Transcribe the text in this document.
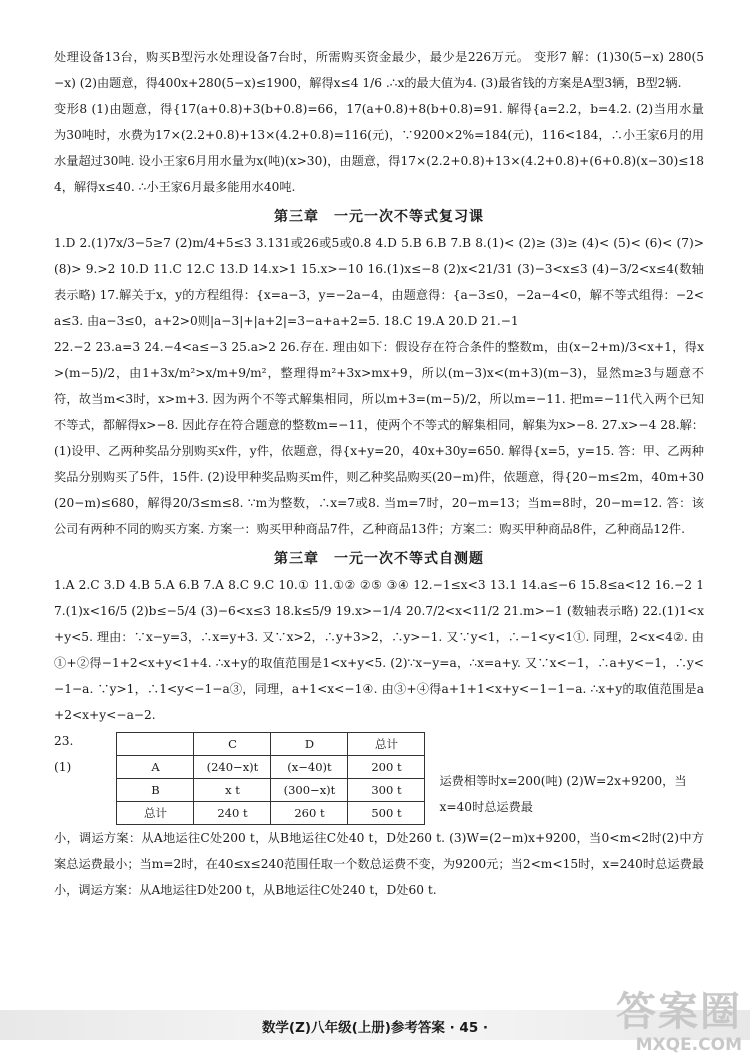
处理设备13台，购买B型污水处理设备7台时，所需购买资金最少，最少是226万元。 变形7 解：(1)30(5−x) 280(5−x) (2)由题意，得400x+280(5−x)≤1900，解得x≤4 1/6 .∴x的最大值为4. (3)最省钱的方案是A型3辆，B型2辆.

变形8 (1)由题意，得{17(a+0.8)+3(b+0.8)=66，17(a+0.8)+8(b+0.8)=91. 解得{a=2.2，b=4.2. (2)当用水量为30吨时，水费为17×(2.2+0.8)+13×(4.2+0.8)=116(元)，∵9200×2%=184(元)，116<184，∴小王家6月的用水量超过30吨. 设小王家6月用水量为x(吨)(x>30)，由题意，得17×(2.2+0.8)+13×(4.2+0.8)+(6+0.8)(x−30)≤184，解得x≤40. ∴小王家6月最多能用水40吨.

第三章　一元一次不等式复习课

1.D 2.(1)7x/3−5≥7 (2)m/4+5≤3 3.131或26或5或0.8 4.D 5.B 6.B 7.B 8.(1)< (2)≥ (3)≥ (4)< (5)< (6)< (7)> (8)> 9.>2 10.D 11.C 12.C 13.D 14.x>1 15.x>−10 16.(1)x≤−8 (2)x<21/31 (3)−3<x≤3 (4)−3/2<x≤4(数轴表示略) 17.解关于x，y的方程组得：{x=a−3，y=−2a−4，由题意得：{a−3≤0，−2a−4<0，解不等式组得：−2<a≤3. 由a−3≤0，a+2>0则|a−3|+|a+2|=3−a+a+2=5. 18.C 19.A 20.D 21.−1

22.−2 23.a=3 24.−4<a≤−3 25.a>2 26.存在. 理由如下：假设存在符合条件的整数m，由(x−2+m)/3<x+1，得x>(m−5)/2，由1+3x/m²>x/m+9/m²，整理得m²+3x>mx+9，所以(m−3)x<(m+3)(m−3)，显然m≥3与题意不符，故当m<3时，x>m+3. 因为两个不等式解集相同，所以m+3=(m−5)/2，所以m=−11. 把m=−11代入两个已知不等式，都解得x>−8. 因此存在符合题意的整数m=−11，使两个不等式的解集相同，解集为x>−8. 27.x>−4 28.解：(1)设甲、乙两种奖品分别购买x件，y件，依题意，得{x+y=20，40x+30y=650. 解得{x=5，y=15. 答：甲、乙两种奖品分别购买了5件，15件. (2)设甲种奖品购买m件，则乙种奖品购买(20−m)件，依题意，得{20−m≤2m，40m+30(20−m)≤680，解得20/3≤m≤8. ∵m为整数，∴x=7或8. 当m=7时，20−m=13；当m=8时，20−m=12. 答：该公司有两种不同的购买方案. 方案一：购买甲种商品7件，乙种商品13件；方案二：购买甲种商品8件，乙种商品12件.

第三章　一元一次不等式自测题

1.A 2.C 3.D 4.B 5.A 6.B 7.A 8.C 9.C 10.① 11.①② ②⑤ ③④ 12.−1≤x<3 13.1 14.a≤−6 15.8≤a<12 16.−2 17.(1)x<16/5 (2)b≤−5/4 (3)−6<x≤3 18.k≤5/9 19.x>−1/4 20.7/2<x<11/2 21.m>−1 (数轴表示略) 22.(1)1<x+y<5. 理由：∵x−y=3，∴x=y+3. 又∵x>2，∴y+3>2，∴y>−1. 又∵y<1，∴−1<y<1①. 同理，2<x<4②. 由①+②得−1+2<x+y<1+4. ∴x+y的取值范围是1<x+y<5. (2)∵x−y=a，∴x=a+y. 又∵x<−1，∴a+y<−1，∴y<−1−a. ∵y>1，∴1<y<−1−a③，同理，a+1<x<−1④. 由③+④得a+1+1<x+y<−1−1−a. ∴x+y的取值范围是a+2<x+y<−a−2.

23.(1)
	C	D	总计
A	(240−x)t	(x−40)t	200 t
B	x t	(300−x)t	300 t
总计	240 t	260 t	500 t
运费相等时x=200(吨) (2)W=2x+9200，当x=40时总运费最

小，调运方案：从A地运往C处200 t，从B地运往C处40 t，D处260 t. (3)W=(2−m)x+9200，当0<m<2时(2)中方案总运费最小；当m=2时，在40≤x≤240范围任取一个数总运费不变，为9200元；当2<m<15时，x=240时总运费最小，调运方案：从A地运往D处200 t，从B地运往C处240 t，D处60 t.

数学(Z)八年级(上册)参考答案 · 45 ·	答案圈
MXQE.COM
